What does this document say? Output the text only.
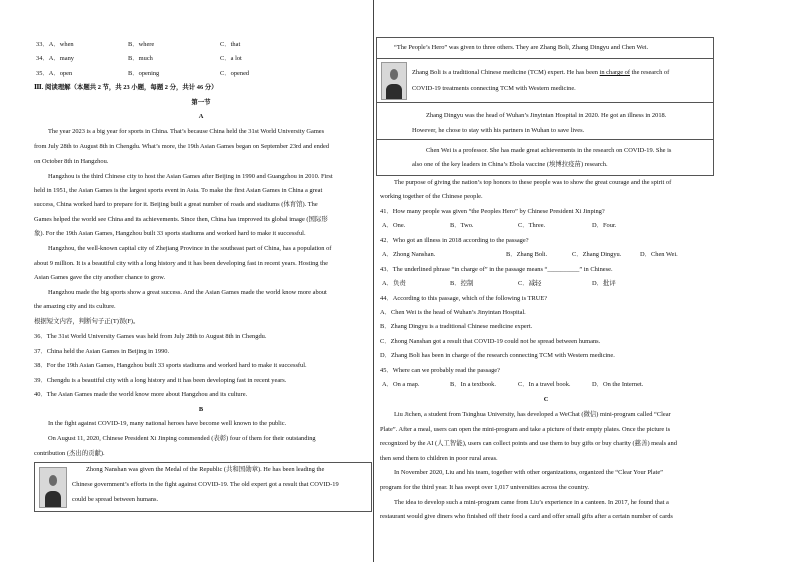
33．A．when	B．where	C．that
34．A．many	B．much	C．a lot
35．A．open	B．opening	C．opened
Ⅲ. 阅读理解（本题共 2 节，共 23 小题，每题 2 分，共计 46 分）
第一节
A
The year 2023 is a big year for sports in China. That’s because China held the 31st World University Games
from July 28th to August 8th in Chengdu. What’s more, the 19th Asian Games began on September 23rd and ended
on October 8th in Hangzhou.
Hangzhou is the third Chinese city to host the Asian Games after Beijing in 1990 and Guangzhou in 2010. First
held in 1951, the Asian Games is the largest sports event in Asia. To make the first Asian Games in China a great
success, China worked hard to prepare for it. Beijing built a great number of roads and stadiums (体育馆). The
Games helped the world see China and its achievements. Since then, China has improved its global image (国际形
象). For the 19th Asian Games, Hangzhou built 33 sports stadiums and worked hard to make it successful.
Hangzhou, the well-known capital city of Zhejiang Province in the southeast part of China, has a population of
about 9 million. It is a beautiful city with a long history and it has been developing fast in recent years. Hosting the
Asian Games gave the city another chance to grow.
Hangzhou made the big sports show a great success. And the Asian Games made the world know more about
the amazing city and its culture.
根据短文内容，判断句子正(T)误(F)。
36．The 31st World University Games was held from July 28th to August 8th in Chengdu.
37．China held the Asian Games in Beijing in 1990.
38．For the 19th Asian Games, Hangzhou built 33 sports stadiums and worked hard to make it successful.
39．Chengdu is a beautiful city with a long history and it has been developing fast in recent years.
40．The Asian Games made the world know more about Hangzhou and its culture.
B
In the fight against COVID-19, many national heroes have become well known to the public.
On August 11, 2020, Chinese President Xi Jinping commended (表彰) four of them for their outstanding
contribution (杰出的贡献).
Zhong Nanshan was given the Medal of the Republic (共和国勋章). He has been leading the
Chinese government’s efforts in the fight against COVID-19. The old expert got a result that COVID-19
could be spread between humans.
“The People’s Hero” was given to three others. They are Zhang Boli, Zhang Dingyu and Chen Wei.
Zhang Boli is a traditional Chinese medicine (TCM) expert. He has been in charge of the research of
COVID-19 treatments connecting TCM with Western medicine.
Zhang Dingyu was the head of Wuhan’s Jinyintan Hospital in 2020. He got an illness in 2018.
However, he chose to stay with his partners in Wuhan to save lives.
Chen Wei is a professor. She has made great achievements in the research on COVID-19. She is
also one of the key leaders in China’s Ebola vaccine (埃博拉疫苗) research.
The purpose of giving the nation’s top honors to these people was to show the great courage and the spirit of
working together of the Chinese people.
41．How many people was given “the Peoples Hero” by Chinese President Xi Jinping?
A．One.	B．Two.	C．Three.	D．Four.
42．Who got an illness in 2018 according to the passage?
A．Zhong Nanshan.	B．Zhang Boli.	C．Zhang Dingyu.	D．Chen Wei.
43．The underlined phrase “in charge of” in the passage means “__________” in Chinese.
A．负责	B．控制	C．减轻	D．批评
44．According to this passage, which of the following is TRUE?
A．Chen Wei is the head of Wuhan’s Jinyintan Hospital.
B．Zhang Dingyu is a traditional Chinese medicine expert.
C．Zhong Nanshan got a result that COVID-19 could not be spread between humans.
D．Zhang Boli has been in charge of the research connecting TCM with Western medicine.
45．Where can we probably read the passage?
A．On a map.	B．In a textbook.	C．In a travel book.	D．On the Internet.
C
Liu Jichen, a student from Tsinghua University, has developed a WeChat (微信) mini-program called “Clear
Plate”. After a meal, users can open the mini-program and take a picture of their empty plates. Once the picture is
recognized by the AI (人工智能), users can collect points and use them to buy gifts or buy charity (慈善) meals and
then send them to children in poor rural areas.
In November 2020, Liu and his team, together with other organizations, organized the “Clear Your Plate”
program for the third year. It has swept over 1,017 universities across the country.
The idea to develop such a mini-program came from Liu’s experience in a canteen. In 2017, he found that a
restaurant would give diners who finished off their food a card and offer small gifts after a certain number of cards
